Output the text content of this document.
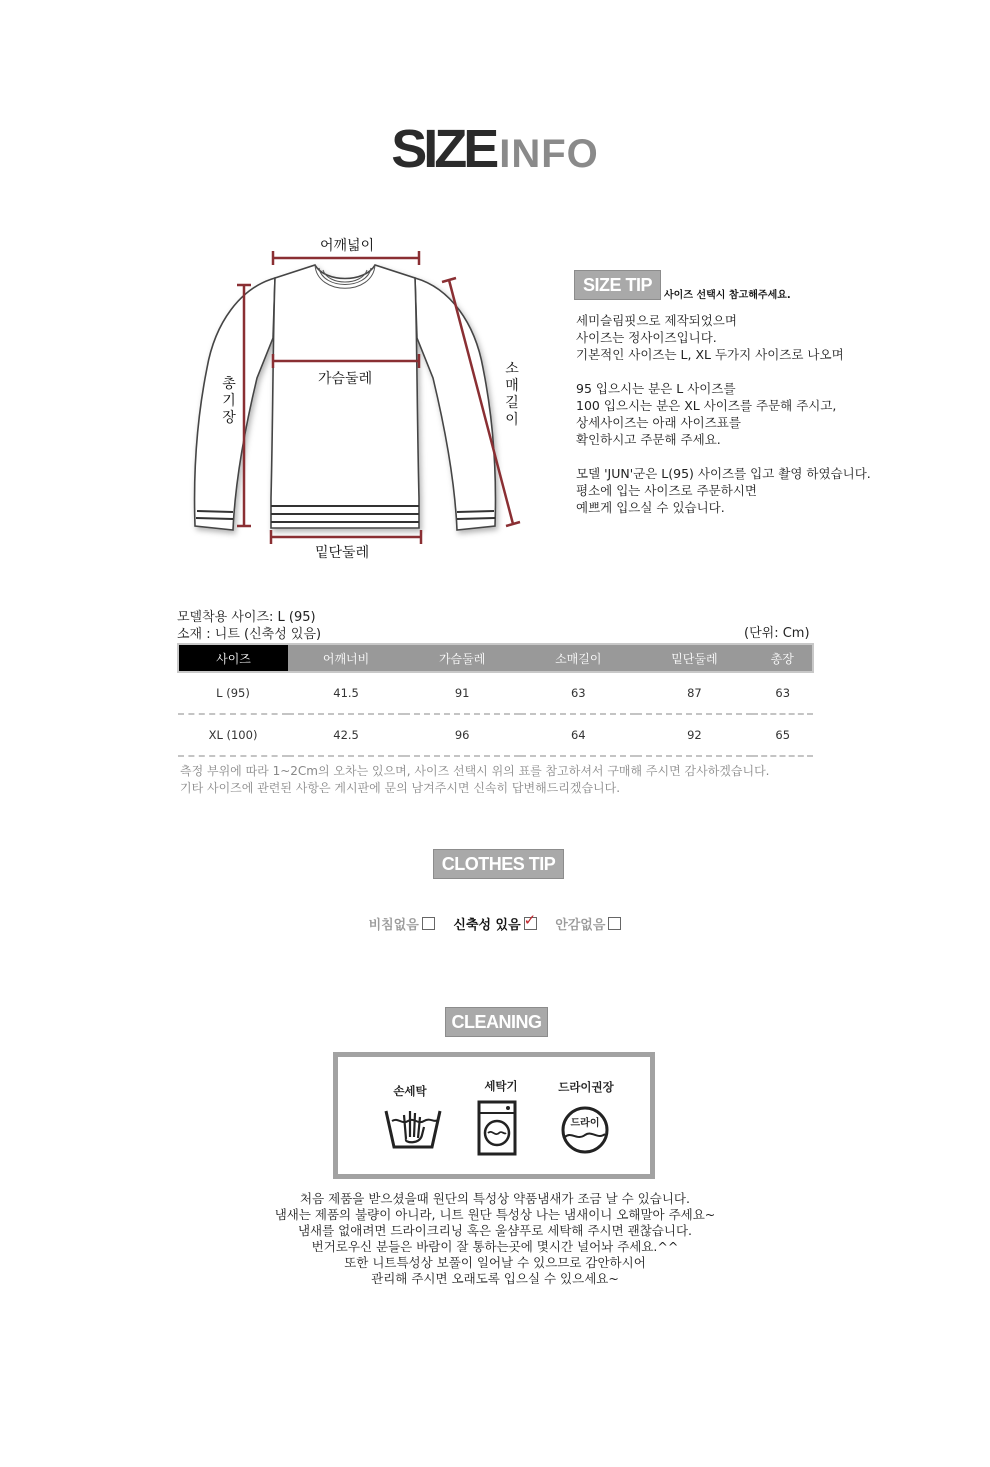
SIZE INFO
어깨넓이
가슴둘레
밑단둘레
총
기
장
소
매
길
이
SIZE TIP
사이즈 선택시 참고해주세요.
세미슬림핏으로 제작되었으며
사이즈는 정사이즈입니다.
기본적인 사이즈는 L, XL 두가지 사이즈로 나오며

95 입으시는 분은 L 사이즈를
100 입으시는 분은 XL 사이즈를 주문해 주시고,
상세사이즈는 아래 사이즈표를
확인하시고 주문해 주세요.

모델 'JUN'군은 L(95) 사이즈를 입고 촬영 하였습니다.
평소에 입는 사이즈로 주문하시면
예쁘게 입으실 수 있습니다.
모델착용 사이즈: L (95)
소재 : 니트 (신축성 있음)	(단위: Cm)
사이즈	어깨너비	가슴둘레	소매길이	밑단둘레	총장
L (95)	41.5	91	63	87	63
XL (100)	42.5	96	64	92	65
측정 부위에 따라 1~2Cm의 오차는 있으며, 사이즈 선택시 위의 표를 참고하셔서 구매해 주시면 감사하겠습니다.
기타 사이즈에 관련된 사항은 게시판에 문의 남겨주시면 신속히 답변해드리겠습니다.
CLOTHES TIP
비침없음	신축성 있음 ✓ 안감없음
CLEANING
손세탁	세탁기	드라이권장
드라이
처음 제품을 받으셨을때 원단의 특성상 약품냄새가 조금 날 수 있습니다.
냄새는 제품의 불량이 아니라, 니트 원단 특성상 나는 냄새이니 오해말아 주세요~
냄새를 없애려면 드라이크리닝 혹은 울샴푸로 세탁해 주시면 괜찮습니다.
번거로우신 분들은 바람이 잘 통하는곳에 몇시간 널어놔 주세요.^^
또한 니트특성상 보풀이 일어날 수 있으므로 감안하시어
관리해 주시면 오래도록 입으실 수 있으세요~
